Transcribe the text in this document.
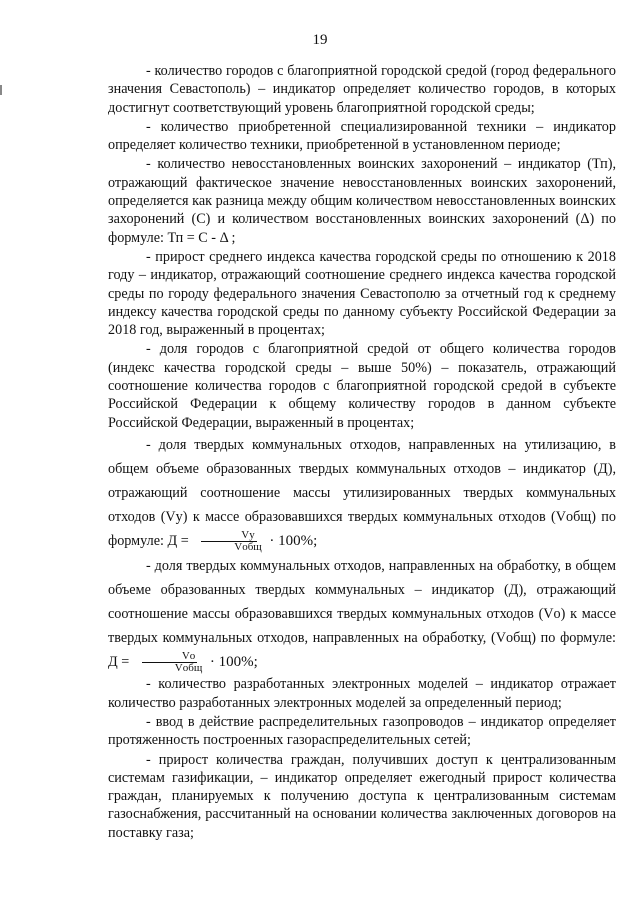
19

- количество городов с благоприятной городской средой (город федерального значения Севастополь) – индикатор определяет количество городов, в которых достигнут соответствующий уровень благоприятной городской среды;

- количество приобретенной специализированной техники – индикатор определяет количество техники, приобретенной в установленном периоде;

- количество невосстановленных воинских захоронений – индикатор (Тп), отражающий фактическое значение невосстановленных воинских захоронений, определяется как разница между общим количеством невосстановленных воинских захоронений (С) и количеством восстановленных воинских захоронений (Δ) по формуле: Тп = С - Δ ;

- прирост среднего индекса качества городской среды по отношению к 2018 году – индикатор, отражающий соотношение среднего индекса качества городской среды по городу федерального значения Севастополю за отчетный год к среднему индексу качества городской среды по данному субъекту Российской Федерации за 2018 год, выраженный в процентах;

- доля городов с благоприятной средой от общего количества городов (индекс качества городской среды – выше 50%) – показатель, отражающий соотношение количества городов с благоприятной городской средой в субъекте Российской Федерации к общему количеству городов в данном субъекте Российской Федерации, выраженный в процентах;

- доля твердых коммунальных отходов, направленных на утилизацию, в общем объеме образованных твердых коммунальных отходов – индикатор (Д), отражающий соотношение массы утилизированных твердых коммунальных отходов (Vу) к массе образовавшихся твердых коммунальных отходов (Vобщ) по формуле: $Д = \frac{Vу}{\text{Vобщ}} \cdot 100\%$;

- доля твердых коммунальных отходов, направленных на обработку, в общем объеме образованных твердых коммунальных – индикатор (Д), отражающий соотношение массы образовавшихся твердых коммунальных отходов (Vо) к массе твердых коммунальных отходов, направленных на обработку, (Vобщ) по формуле: $Д = \frac{Vо}{\text{Vобщ}} \cdot 100\%$;

- количество разработанных электронных моделей – индикатор отражает количество разработанных электронных моделей за определенный период;

- ввод в действие распределительных газопроводов – индикатор определяет протяженность построенных газораспределительных сетей;

- прирост количества граждан, получивших доступ к централизованным системам газификации, – индикатор определяет ежегодный прирост количества граждан, планируемых к получению доступа к централизованным системам газоснабжения, рассчитанный на основании количества заключенных договоров на поставку газа;
